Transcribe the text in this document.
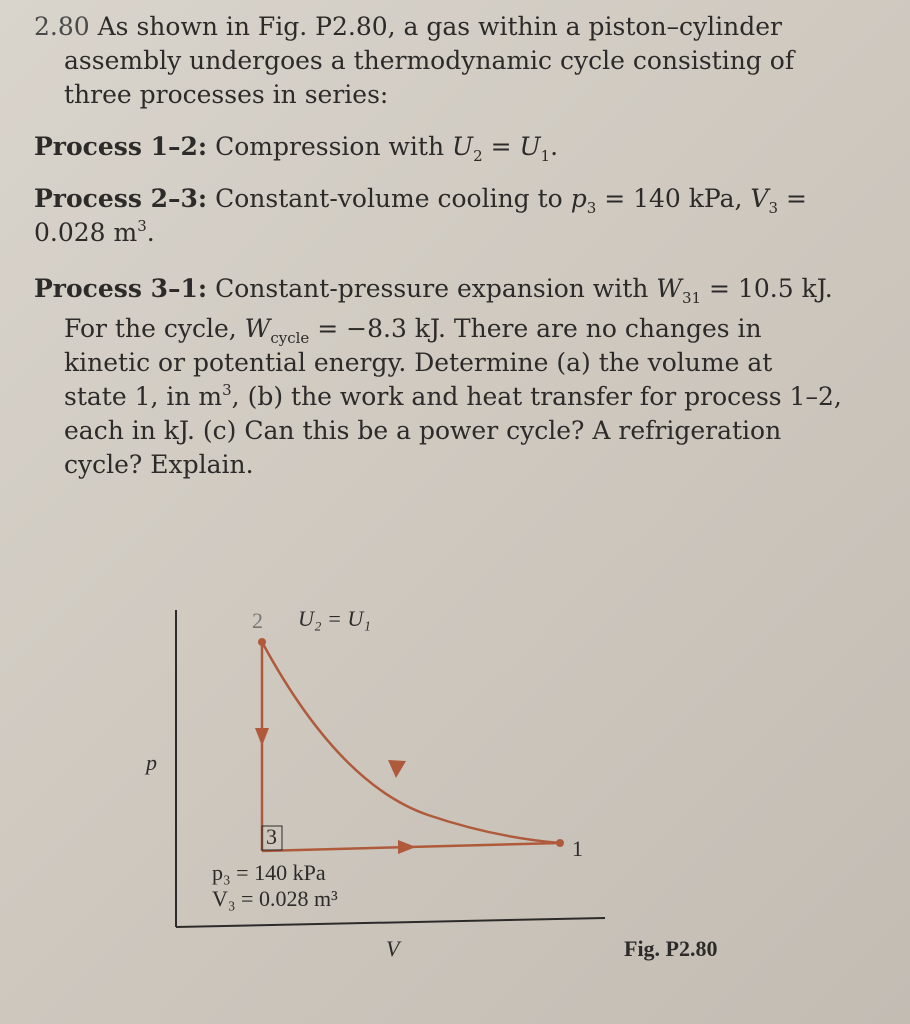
2.80 As shown in Fig. P2.80, a gas within a piston–cylinder
assembly undergoes a thermodynamic cycle consisting of
three processes in series:
Process 1–2: Compression with $U_2 = U_1$.
Process 2–3: Constant-volume cooling to $p_3 = 140$ kPa, $V_3$ =
0.028 $m^3$.
Process 3–1: Constant-pressure expansion with $W_{31} = 10.5$ kJ.
For the cycle, $W_{cycle} = -8.3$ kJ. There are no changes in
kinetic or potential energy. Determine (a) the volume at
state 1, in $m^3$, (b) the work and heat transfer for process 1–2,
each in kJ. (c) Can this be a power cycle? A refrigeration
cycle? Explain.
2 U₂ = U₁
p
3	1
p₃ = 140 kPa
V₃ = 0.028 m³
V	Fig. P2.80
